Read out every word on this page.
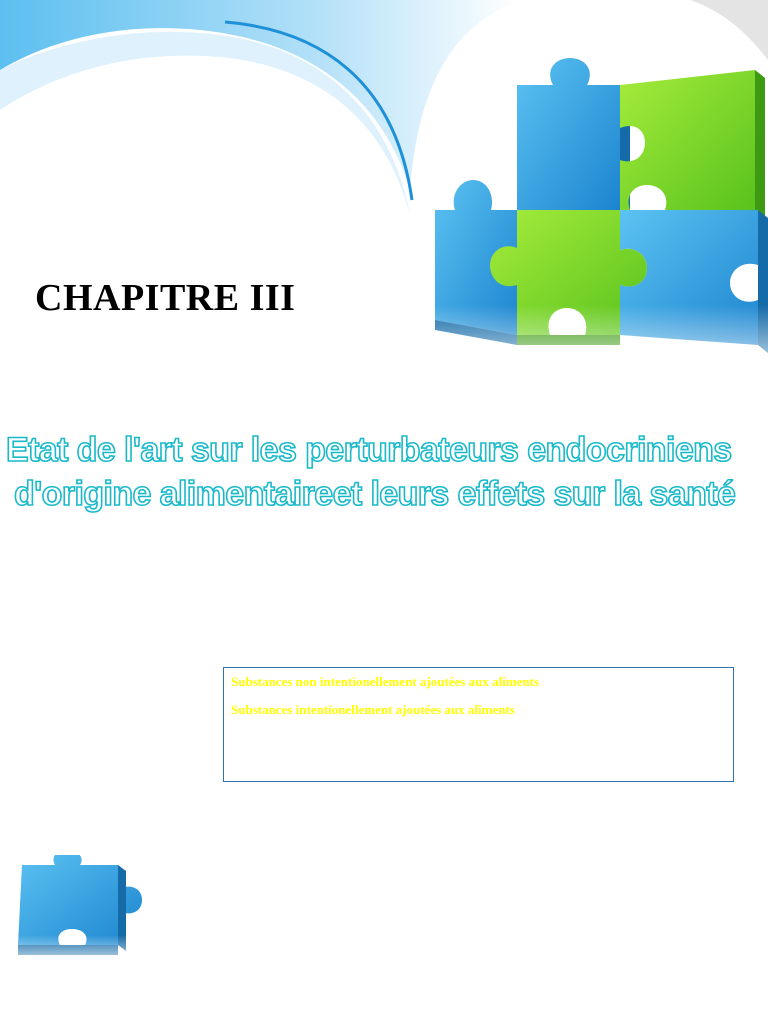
CHAPITRE III
Etat de l'art sur les perturbateurs endocriniens
d'origine alimentaireet leurs effets sur la santé
Substances non intentionellement ajoutées aux aliments
Substances intentionellement ajoutées aux aliments
